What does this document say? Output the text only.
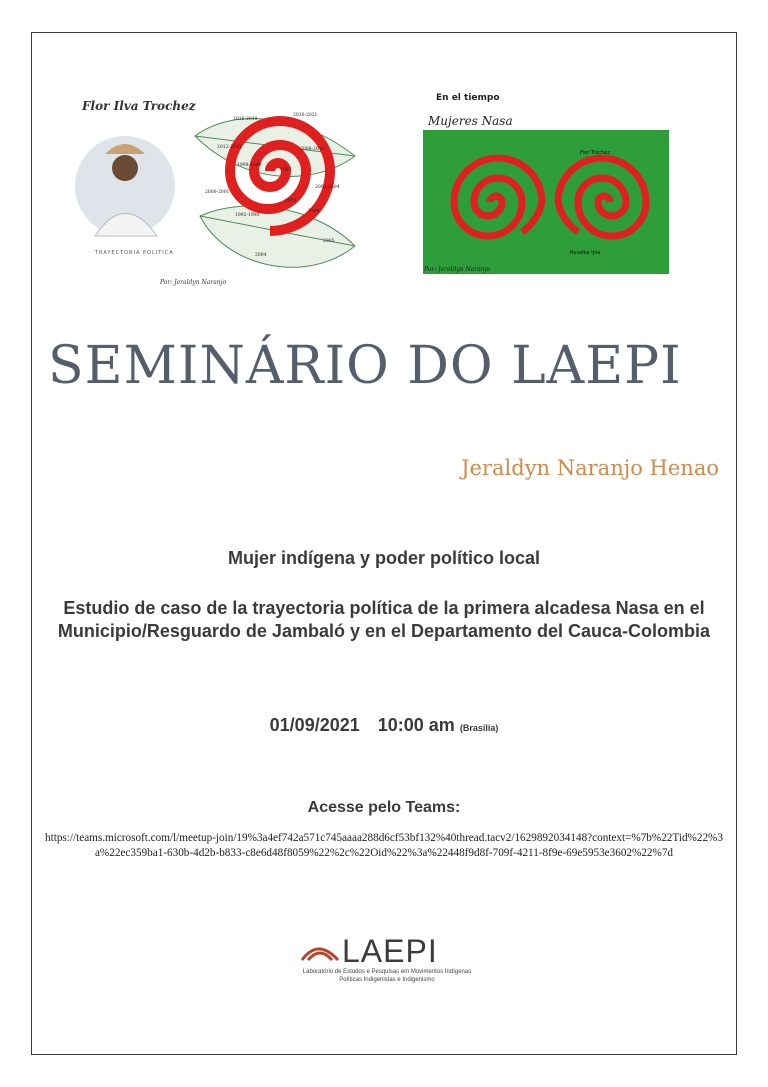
2016-2019
2020-2021
2012-2015	2008-2011
1998-1999
1987
2000-2001
2002-2004
1992-1993
1978
1984
2005
2004
Flor Ilva Trochez
TRAYECTORIA POLITICA
Por: Jeraldyn Naranjo
Flor Trochez
Rosalba Ipia
En el tiempo
Mujeres Nasa
Por: Jeraldyn Naranjo
SEMINÁRIO DO LAEPI
Jeraldyn Naranjo Henao
Mujer indígena y poder político local
Estudio de caso de la trayectoria política de la primera alcadesa Nasa en el Municipio/Resguardo de Jambaló y en el Departamento del Cauca-Colombia
01/09/2021 10:00 am (Brasília)
Acesse pelo Teams:
https://teams.microsoft.com/l/meetup-join/19%3a4ef742a571c745aaaa288d6cf53bf132%40thread.tacv2/1629892034148?context=%7b%22Tid%22%3a%22ec359ba1-630b-4d2b-b833-c8e6d48f8059%22%2c%22Oid%22%3a%22448f9d8f-709f-4211-8f9e-69e5953e3602%22%7d
LAEPI
Laboratório de Estudos e Pesquisas em Movimentos Indígenas
Políticas Indigenistas e Indigenismo
